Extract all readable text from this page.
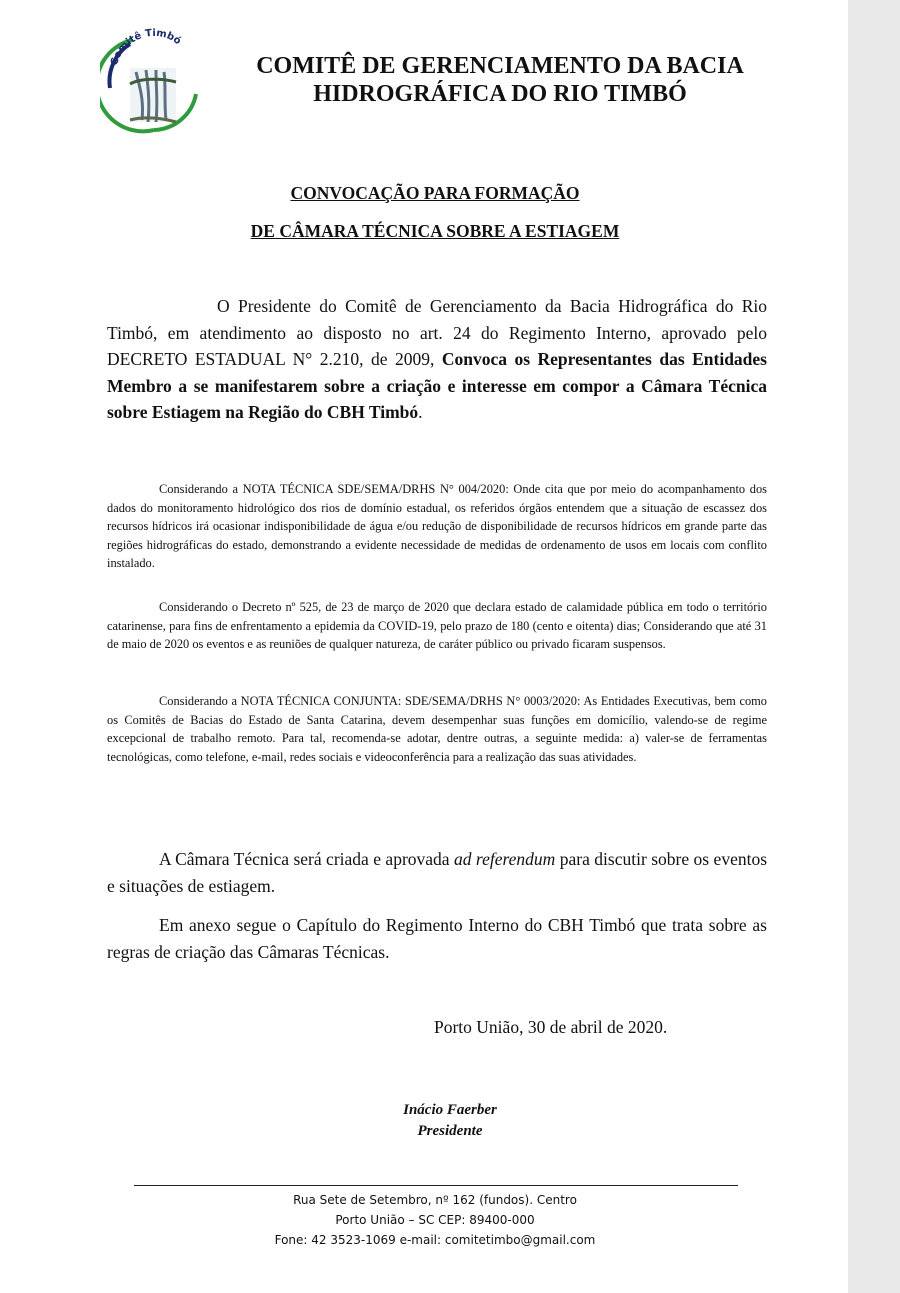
Comitê Timbó
COMITÊ DE GERENCIAMENTO DA BACIA
HIDROGRÁFICA DO RIO TIMBÓ
CONVOCAÇÃO PARA FORMAÇÃO
DE CÂMARA TÉCNICA SOBRE A ESTIAGEM

O Presidente do Comitê de Gerenciamento da Bacia Hidrográfica do Rio Timbó, em atendimento ao disposto no art. 24 do Regimento Interno, aprovado pelo DECRETO ESTADUAL N° 2.210, de 2009, Convoca os Representantes das Entidades Membro a se manifestarem sobre a criação e interesse em compor a Câmara Técnica sobre Estiagem na Região do CBH Timbó.

Considerando a NOTA TÉCNICA SDE/SEMA/DRHS N° 004/2020: Onde cita que por meio do acompanhamento dos dados do monitoramento hidrológico dos rios de domínio estadual, os referidos órgãos entendem que a situação de escassez dos recursos hídricos irá ocasionar indisponibilidade de água e/ou redução de disponibilidade de recursos hídricos em grande parte das regiões hidrográficas do estado, demonstrando a evidente necessidade de medidas de ordenamento de usos em locais com conflito instalado.

Considerando o Decreto nº 525, de 23 de março de 2020 que declara estado de calamidade pública em todo o território catarinense, para fins de enfrentamento a epidemia da COVID-19, pelo prazo de 180 (cento e oitenta) dias; Considerando que até 31 de maio de 2020 os eventos e as reuniões de qualquer natureza, de caráter público ou privado ficaram suspensos.

Considerando a NOTA TÉCNICA CONJUNTA: SDE/SEMA/DRHS N° 0003/2020: As Entidades Executivas, bem como os Comitês de Bacias do Estado de Santa Catarina, devem desempenhar suas funções em domicílio, valendo-se de regime excepcional de trabalho remoto. Para tal, recomenda-se adotar, dentre outras, a seguinte medida: a) valer-se de ferramentas tecnológicas, como telefone, e-mail, redes sociais e videoconferência para a realização das suas atividades.

A Câmara Técnica será criada e aprovada ad referendum para discutir sobre os eventos e situações de estiagem.

Em anexo segue o Capítulo do Regimento Interno do CBH Timbó que trata sobre as regras de criação das Câmaras Técnicas.

Porto União, 30 de abril de 2020.
Inácio Faerber
Presidente
Rua Sete de Setembro, nº 162 (fundos). Centro
Porto União – SC CEP: 89400-000
Fone: 42 3523-1069 e-mail: comitetimbo@gmail.com
